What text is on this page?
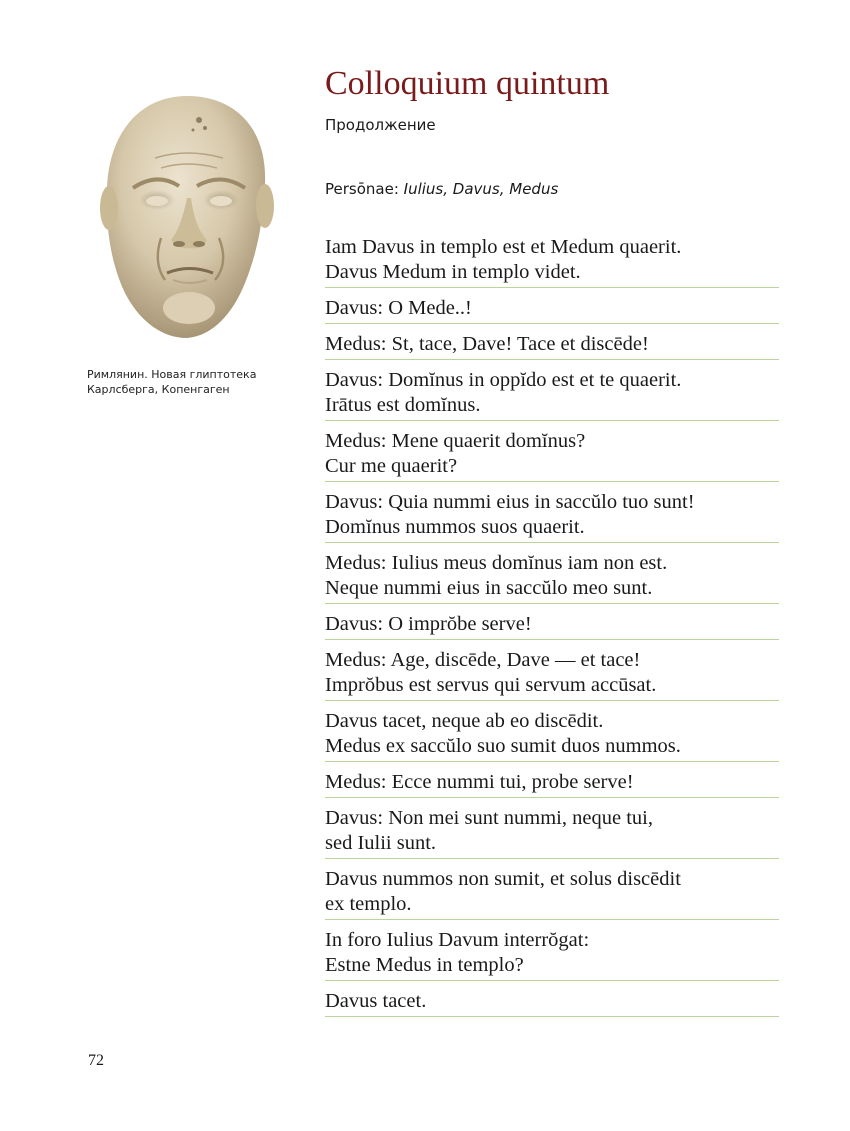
Римлянин. Новая глиптотека
Карлсберга, Копенгаген
Colloquium quintum
Продолжение
Persōnae: Iulius, Davus, Medus
Iam Davus in templo est et Medum quaerit.
Davus Medum in templo videt.
Davus: O Mede..!
Medus: St, tace, Dave! Tace et discēde!
Davus: Domĭnus in oppĭdo est et te quaerit.
Irātus est domĭnus.
Medus: Mene quaerit domĭnus?
Cur me quaerit?
Davus: Quia nummi eius in saccŭlo tuo sunt!
Domĭnus nummos suos quaerit.
Medus: Iulius meus domĭnus iam non est.
Neque nummi eius in saccŭlo meo sunt.
Davus: O imprŏbe serve!
Medus: Age, discēde, Dave — et tace!
Imprŏbus est servus qui servum accūsat.
Davus tacet, neque ab eo discēdit.
Medus ex saccŭlo suo sumit duos nummos.
Medus: Ecce nummi tui, probe serve!
Davus: Non mei sunt nummi, neque tui,
sed Iulii sunt.
Davus nummos non sumit, et solus discēdit
ex templo.
In foro Iulius Davum interrŏgat:
Estne Medus in templo?
Davus tacet.
72
